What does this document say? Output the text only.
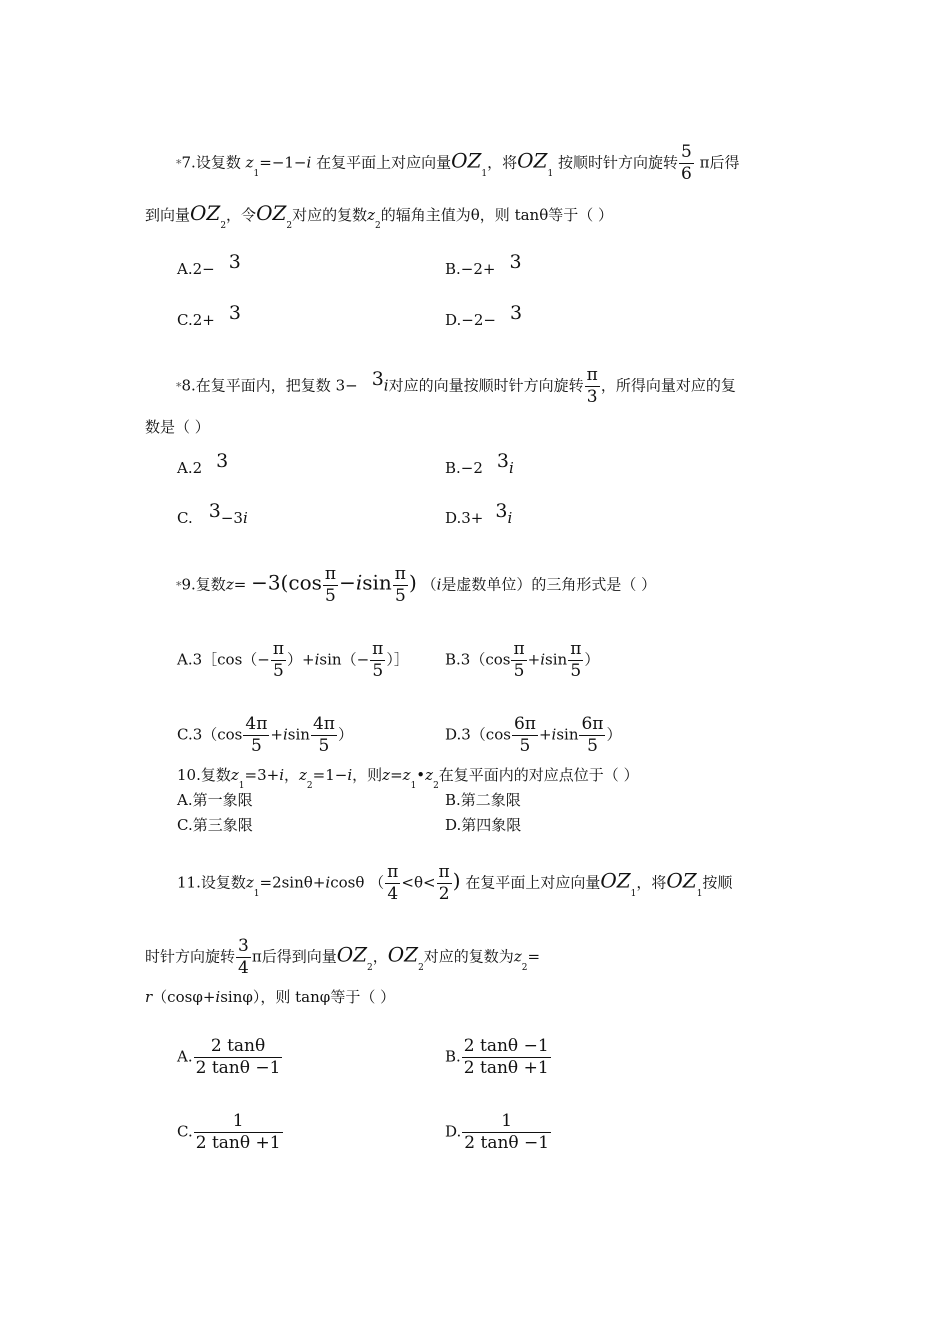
*7.设复数 $z_1=-1-i$ 在复平面上对应向量$OZ_1$，将$OZ_1$ 按顺时针方向旋转 $\frac{5}{6}$ π后得
到向量$OZ_2$，令$OZ_2$对应的复数$z_2$的辐角主值为θ，则 tanθ等于（ ）
A.2− 3	B.−2+ 3
C.2+ 3	D.−2− 3
*8.在复平面内，把复数 3− 3i对应的向量按顺时针方向旋转 $\frac{\pi}{3}$ ，所得向量对应的复
数是（ ）
A.2 3	B.−2 3i
C. 3−3i	D.3+ 3i
*9.复数$z= -3(\cos \frac{\pi}{5} -isin \frac{\pi}{5}$ ) （i是虚数单位）的三角形式是（ ）
A.3［cos（− $\frac{\pi}{5} )+isin(- \frac{\pi}{5}$ ）］ $B.3(\cos \frac{\pi}{5} +isin \frac{\pi}{5}$ ）
$C.3(\cos \frac{4\pi}{5} +isin \frac{4\pi}{5}$ ）	$D.3(\cos \frac{6\pi}{5} +isin \frac{6\pi}{5}$ ）
10.复数$z_1=3+i$，$z_2=1-i$，则$z=z_1•z_2$在复平面内的对应点位于（ ）
A.第一象限	B.第二象限
C.第三象限	D.第四象限
11.设复数$z_1=2\sin\theta+icos\theta$ （ $\frac{\pi}{4} <\theta< \frac{\pi}{2}$ ) 在复平面上对应向量$OZ_1$，将$OZ_1$按顺
时针方向旋转 $\frac{3}{4}$ π后得到向量$OZ_2$，$OZ_2$对应的复数为$z_2=$
r（cosφ+isinφ），则 tanφ等于（ ）
A. $\frac{2 \tan\theta}{2 \tan\theta -1}$	B. $\frac{2 \tan\theta -1}{2 \tan\theta +1}$
C. $\frac{1}{2 \tan\theta +1}$	D. $\frac{1}{2 \tan\theta -1}$
